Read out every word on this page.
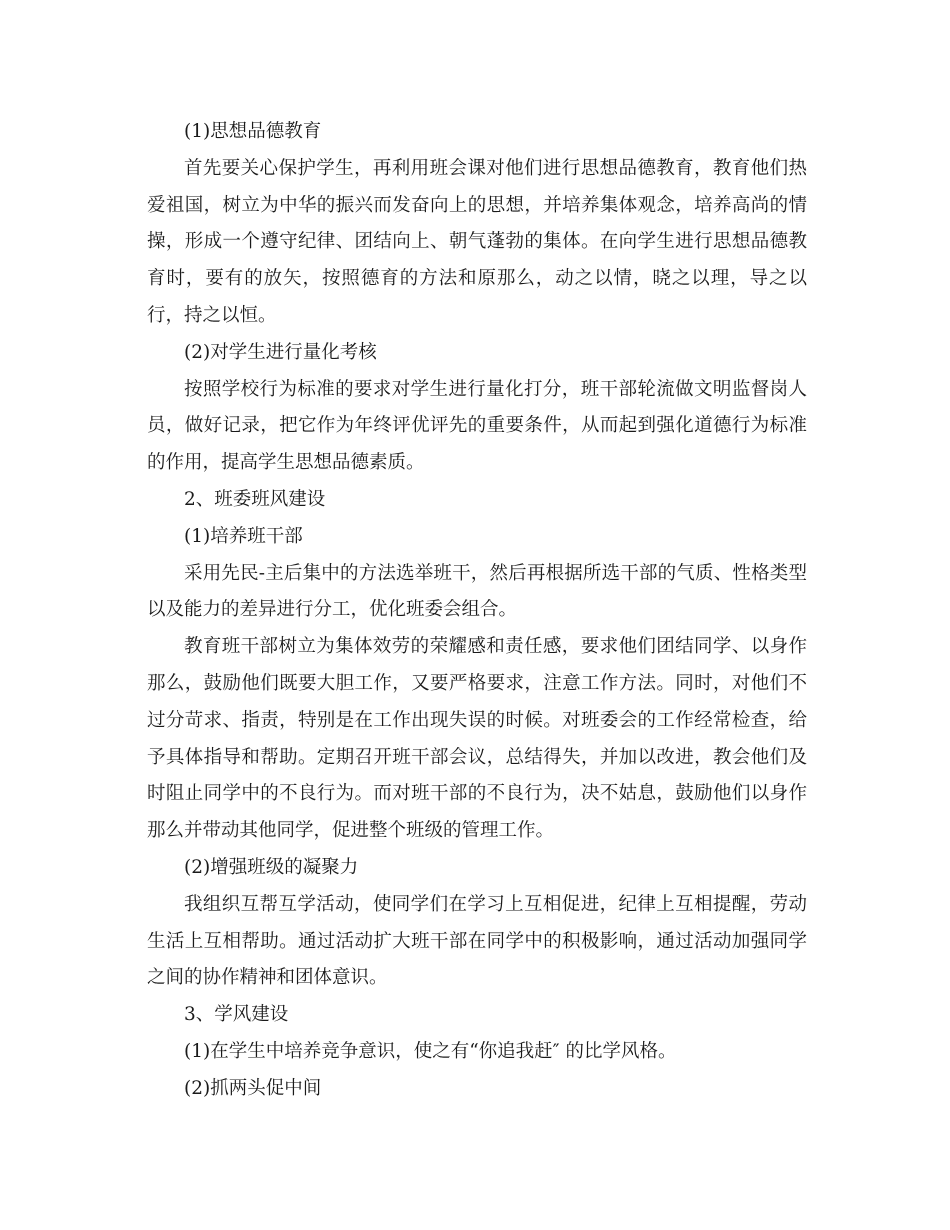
(1)思想品德教育

首先要关心保护学生，再利用班会课对他们进行思想品德教育，教育他们热爱祖国，树立为中华的振兴而发奋向上的思想，并培养集体观念，培养高尚的情操，形成一个遵守纪律、团结向上、朝气蓬勃的集体。在向学生进行思想品德教育时，要有的放矢，按照德育的方法和原那么，动之以情，晓之以理，导之以行，持之以恒。

(2)对学生进行量化考核

按照学校行为标准的要求对学生进行量化打分，班干部轮流做文明监督岗人员，做好记录，把它作为年终评优评先的重要条件，从而起到强化道德行为标准的作用，提高学生思想品德素质。

2、班委班风建设

(1)培养班干部

采用先民-主后集中的方法选举班干，然后再根据所选干部的气质、性格类型以及能力的差异进行分工，优化班委会组合。

教育班干部树立为集体效劳的荣耀感和责任感，要求他们团结同学、以身作那么，鼓励他们既要大胆工作，又要严格要求，注意工作方法。同时，对他们不过分苛求、指责，特别是在工作出现失误的时候。对班委会的工作经常检查，给予具体指导和帮助。定期召开班干部会议，总结得失，并加以改进，教会他们及时阻止同学中的不良行为。而对班干部的不良行为，决不姑息，鼓励他们以身作那么并带动其他同学，促进整个班级的管理工作。

(2)增强班级的凝聚力

我组织互帮互学活动，使同学们在学习上互相促进，纪律上互相提醒，劳动生活上互相帮助。通过活动扩大班干部在同学中的积极影响，通过活动加强同学之间的协作精神和团体意识。

3、学风建设

(1)在学生中培养竞争意识，使之有“你追我赶″ 的比学风格。

(2)抓两头促中间
